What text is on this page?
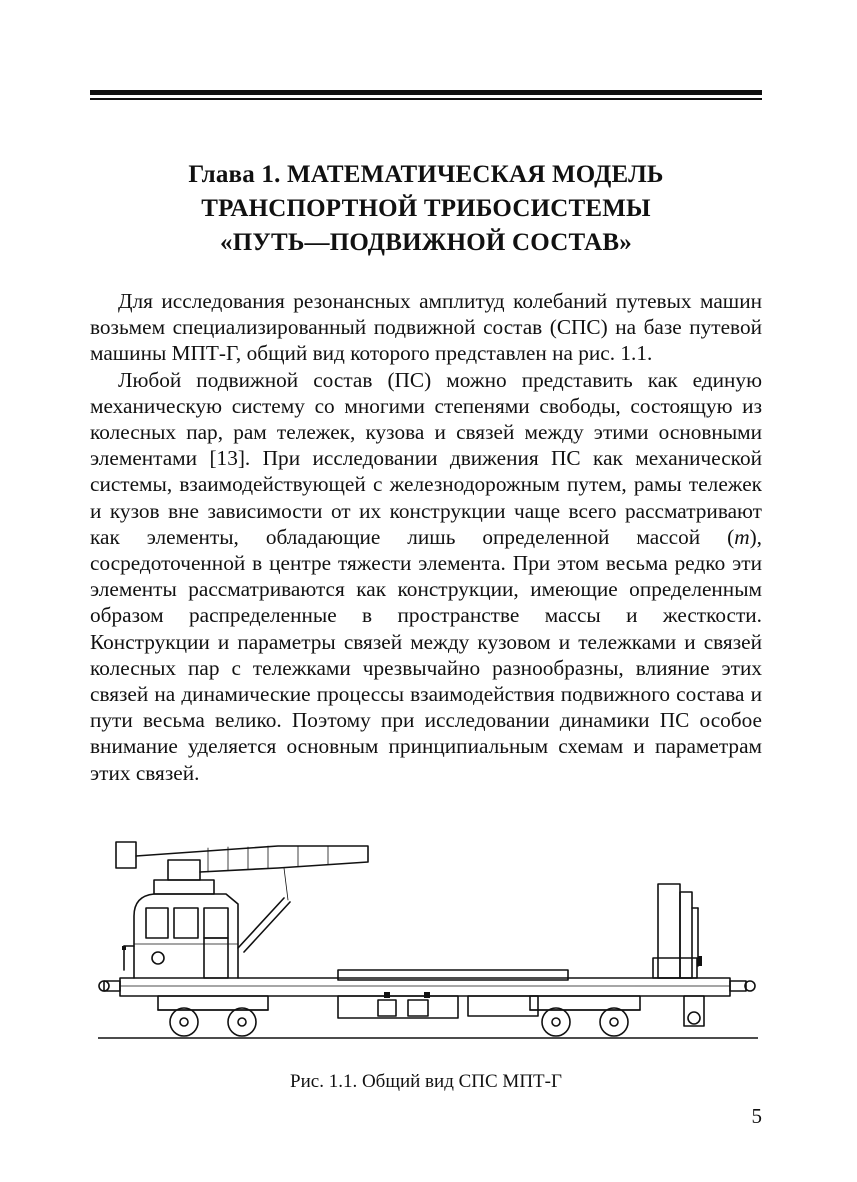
Глава 1. МАТЕМАТИЧЕСКАЯ МОДЕЛЬ
ТРАНСПОРТНОЙ ТРИБОСИСТЕМЫ
«ПУТЬ—ПОДВИЖНОЙ СОСТАВ»

Для исследования резонансных амплитуд колебаний путевых машин возьмем специализированный подвижной состав (СПС) на базе путевой машины МПТ-Г, общий вид которого представлен на рис. 1.1.

Любой подвижной состав (ПС) можно представить как единую механическую систему со многими степенями свободы, состоящую из колесных пар, рам тележек, кузова и связей между этими основными элементами [13]. При исследовании движения ПС как механической системы, взаимодействующей с железнодорожным путем, рамы тележек и кузов вне зависимости от их конструкции чаще всего рассматривают как элементы, обладающие лишь определенной массой (m), сосредоточенной в центре тяжести элемента. При этом весьма редко эти элементы рассматриваются как конструкции, имеющие определенным образом распределенные в пространстве массы и жесткости. Конструкции и параметры связей между кузовом и тележками и связей колесных пар с тележками чрезвычайно разнообразны, влияние этих связей на динамические процессы взаимодействия подвижного состава и пути весьма велико. Поэтому при исследовании динамики ПС особое внимание уделяется основным принципиальным схемам и параметрам этих связей.

Рис. 1.1. Общий вид СПС МПТ-Г
5
